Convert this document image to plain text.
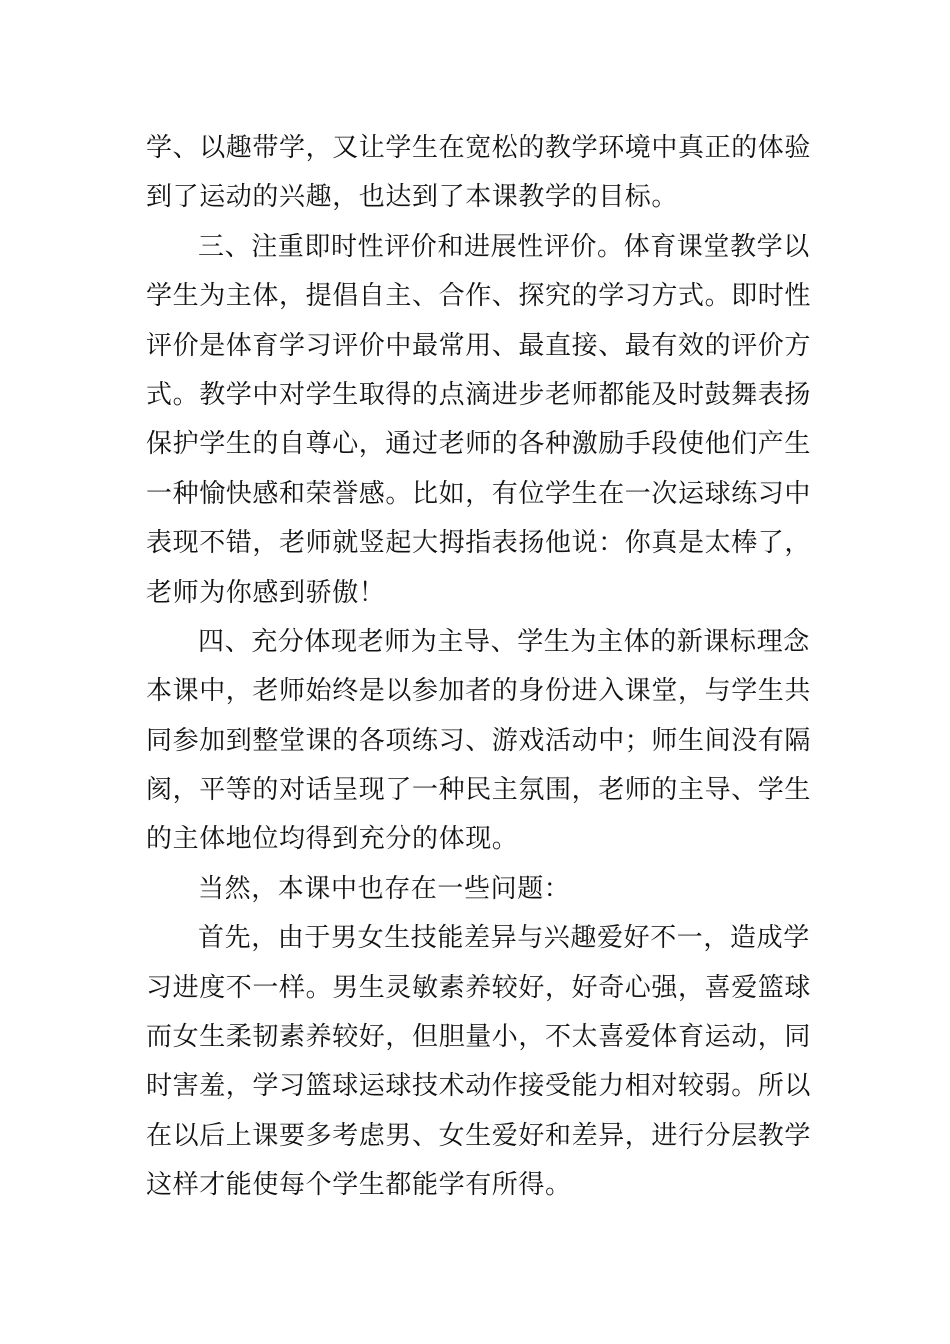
学、以趣带学，又让学生在宽松的教学环境中真正的体验
到了运动的兴趣，也达到了本课教学的目标。
三、注重即时性评价和进展性评价。体育课堂教学以
学生为主体，提倡自主、合作、探究的学习方式。即时性
评价是体育学习评价中最常用、最直接、最有效的评价方
式。教学中对学生取得的点滴进步老师都能及时鼓舞表扬
保护学生的自尊心，通过老师的各种激励手段使他们产生
一种愉快感和荣誉感。比如，有位学生在一次运球练习中
表现不错，老师就竖起大拇指表扬他说：你真是太棒了，
老师为你感到骄傲！
四、充分体现老师为主导、学生为主体的新课标理念
本课中，老师始终是以参加者的身份进入课堂，与学生共
同参加到整堂课的各项练习、游戏活动中；师生间没有隔
阂，平等的对话呈现了一种民主氛围，老师的主导、学生
的主体地位均得到充分的体现。
当然，本课中也存在一些问题：
首先，由于男女生技能差异与兴趣爱好不一，造成学
习进度不一样。男生灵敏素养较好，好奇心强，喜爱篮球
而女生柔韧素养较好，但胆量小，不太喜爱体育运动，同
时害羞，学习篮球运球技术动作接受能力相对较弱。所以
在以后上课要多考虑男、女生爱好和差异，进行分层教学
这样才能使每个学生都能学有所得。
